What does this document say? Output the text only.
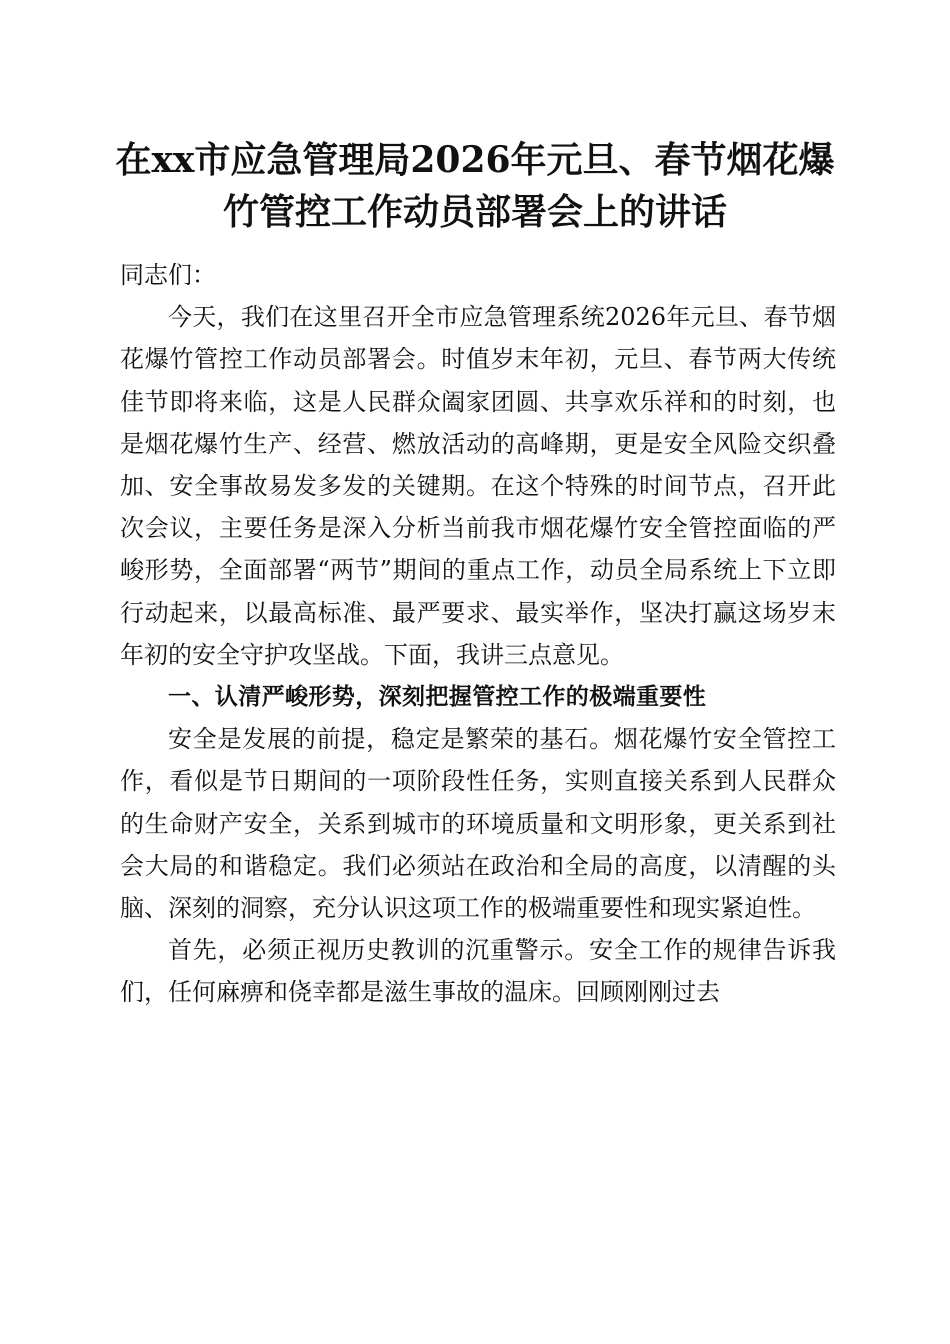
在xx市应急管理局2026年元旦、春节烟花爆
竹管控工作动员部署会上的讲话

同志们：

今天，我们在这里召开全市应急管理系统2026年元旦、春节烟花爆竹管控工作动员部署会。时值岁末年初，元旦、春节两大传统佳节即将来临，这是人民群众阖家团圆、共享欢乐祥和的时刻，也是烟花爆竹生产、经营、燃放活动的高峰期，更是安全风险交织叠加、安全事故易发多发的关键期。在这个特殊的时间节点，召开此次会议，主要任务是深入分析当前我市烟花爆竹安全管控面临的严峻形势，全面部署“两节”期间的重点工作，动员全局系统上下立即行动起来，以最高标准、最严要求、最实举作，坚决打赢这场岁末年初的安全守护攻坚战。下面，我讲三点意见。

一、认清严峻形势，深刻把握管控工作的极端重要性

安全是发展的前提，稳定是繁荣的基石。烟花爆竹安全管控工作，看似是节日期间的一项阶段性任务，实则直接关系到人民群众的生命财产安全，关系到城市的环境质量和文明形象，更关系到社会大局的和谐稳定。我们必须站在政治和全局的高度，以清醒的头脑、深刻的洞察，充分认识这项工作的极端重要性和现实紧迫性。

首先，必须正视历史教训的沉重警示。安全工作的规律告诉我们，任何麻痹和侥幸都是滋生事故的温床。回顾刚刚过去
